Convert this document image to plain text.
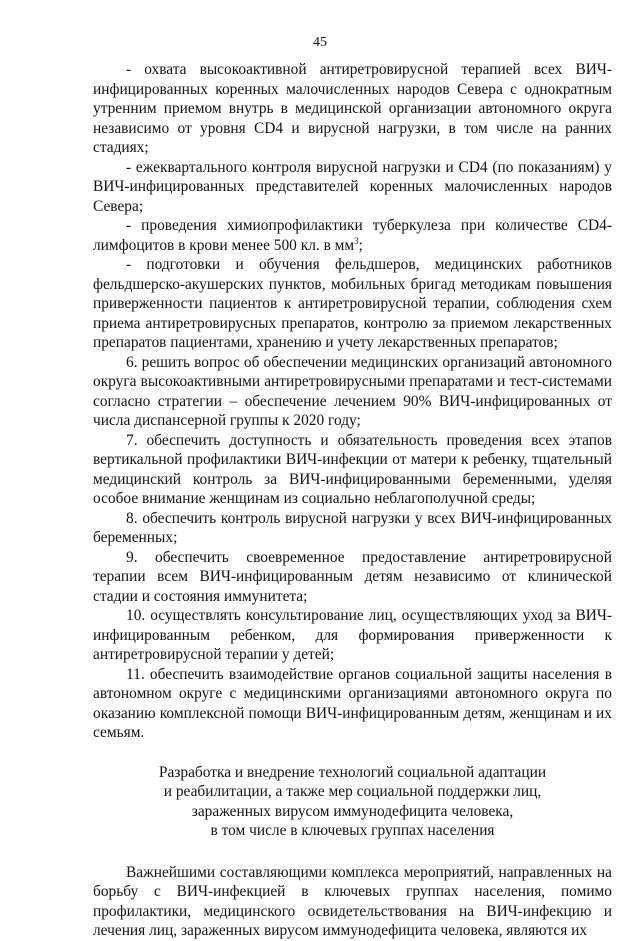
45

- охвата высокоактивной антиретровирусной терапией всех ВИЧ-инфицированных коренных малочисленных народов Севера с однократным утренним приемом внутрь в медицинской организации автономного округа независимо от уровня CD4 и вирусной нагрузки, в том числе на ранних стадиях;

- ежеквартального контроля вирусной нагрузки и CD4 (по показаниям) у ВИЧ-инфицированных представителей коренных малочисленных народов Севера;

- проведения химиопрофилактики туберкулеза при количестве CD4-лимфоцитов в крови менее 500 кл. в $мм^3$;

- подготовки и обучения фельдшеров, медицинских работников фельдшерско-акушерских пунктов, мобильных бригад методикам повышения приверженности пациентов к антиретровирусной терапии, соблюдения схем приема антиретровирусных препаратов, контролю за приемом лекарственных препаратов пациентами, хранению и учету лекарственных препаратов;

6. решить вопрос об обеспечении медицинских организаций автономного округа высокоактивными антиретровирусными препаратами и тест-системами согласно стратегии – обеспечение лечением 90% ВИЧ-инфицированных от числа диспансерной группы к 2020 году;

7. обеспечить доступность и обязательность проведения всех этапов вертикальной профилактики ВИЧ-инфекции от матери к ребенку, тщательный медицинский контроль за ВИЧ-инфицированными беременными, уделяя особое внимание женщинам из социально неблагополучной среды;

8. обеспечить контроль вирусной нагрузки у всех ВИЧ-инфицированных беременных;

9. обеспечить своевременное предоставление антиретровирусной терапии всем ВИЧ-инфицированным детям независимо от клинической стадии и состояния иммунитета;

10. осуществлять консультирование лиц, осуществляющих уход за ВИЧ-инфицированным ребенком, для формирования приверженности к антиретровирусной терапии у детей;

11. обеспечить взаимодействие органов социальной защиты населения в автономном округе с медицинскими организациями автономного округа по оказанию комплексной помощи ВИЧ-инфицированным детям, женщинам и их семьям.

Разработка и внедрение технологий социальной адаптации
и реабилитации, а также мер социальной поддержки лиц,
зараженных вирусом иммунодефицита человека,
в том числе в ключевых группах населения

Важнейшими составляющими комплекса мероприятий, направленных на борьбу с ВИЧ-инфекцией в ключевых группах населения, помимо профилактики, медицинского освидетельствования на ВИЧ-инфекцию и лечения лиц, зараженных вирусом иммунодефицита человека, являются их
